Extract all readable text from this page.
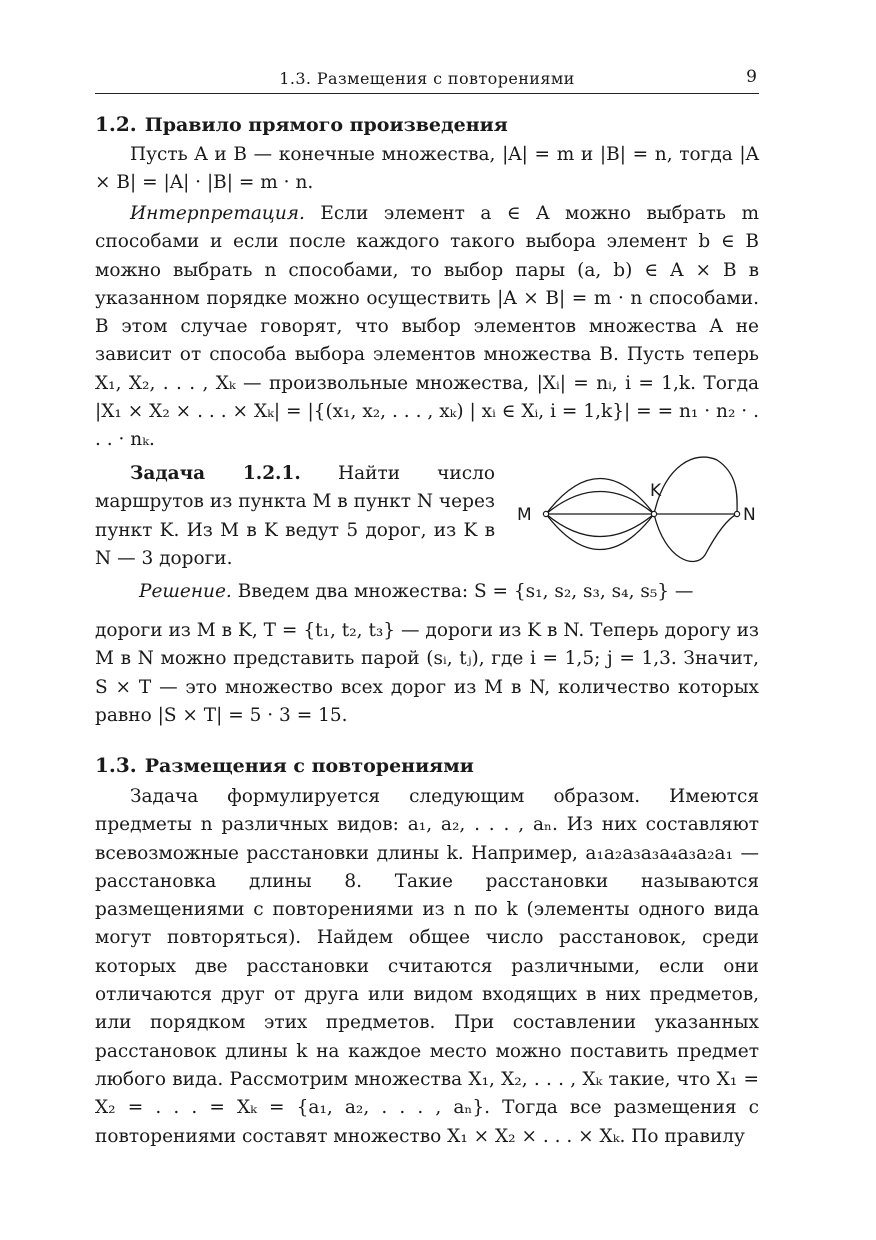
1.3. Размещения с повторениями	9
1.2. Правило прямого произведения
Пусть A и B — конечные множества, |A| = m и |B| = n, тогда |A × B| = |A| · |B| = m · n.
Интерпретация. Если элемент a ∈ A можно выбрать m способами и если после каждого такого выбора элемент b ∈ B можно выбрать n способами, то выбор пары (a, b) ∈ A × B в указанном порядке можно осуществить |A × B| = m · n способами. В этом случае говорят, что выбор элементов множества A не зависит от способа выбора элементов множества B. Пусть теперь X₁, X₂, . . . , Xₖ — произвольные множества, |Xᵢ| = nᵢ, i = 1,k. Тогда |X₁ × X₂ × . . . × Xₖ| = |{(x₁, x₂, . . . , xₖ) | xᵢ ∈ Xᵢ, i = 1,k}| = = n₁ · n₂ · . . . · nₖ.
Задача 1.2.1. Найти число маршрутов из пункта M в пункт N через пункт K. Из M в K ведут 5 дорог, из K в N — 3 дороги.
M
K
N
Решение. Введем два множества: S = {s₁, s₂, s₃, s₄, s₅} —
дороги из M в K, T = {t₁, t₂, t₃} — дороги из K в N. Теперь дорогу из M в N можно представить парой (sᵢ, tⱼ), где i = 1,5; j = 1,3. Значит, S × T — это множество всех дорог из M в N, количество которых равно |S × T| = 5 · 3 = 15.
1.3. Размещения с повторениями
Задача формулируется следующим образом. Имеются предметы n различных видов: a₁, a₂, . . . , aₙ. Из них составляют всевозможные расстановки длины k. Например, a₁a₂a₃a₃a₄a₃a₂a₁ — расстановка длины 8. Такие расстановки называются размещениями с повторениями из n по k (элементы одного вида могут повторяться). Найдем общее число расстановок, среди которых две расстановки считаются различными, если они отличаются друг от друга или видом входящих в них предметов, или порядком этих предметов. При составлении указанных расстановок длины k на каждое место можно поставить предмет любого вида. Рассмотрим множества X₁, X₂, . . . , Xₖ такие, что X₁ = X₂ = . . . = Xₖ = {a₁, a₂, . . . , aₙ}. Тогда все размещения с повторениями составят множество X₁ × X₂ × . . . × Xₖ. По правилу
